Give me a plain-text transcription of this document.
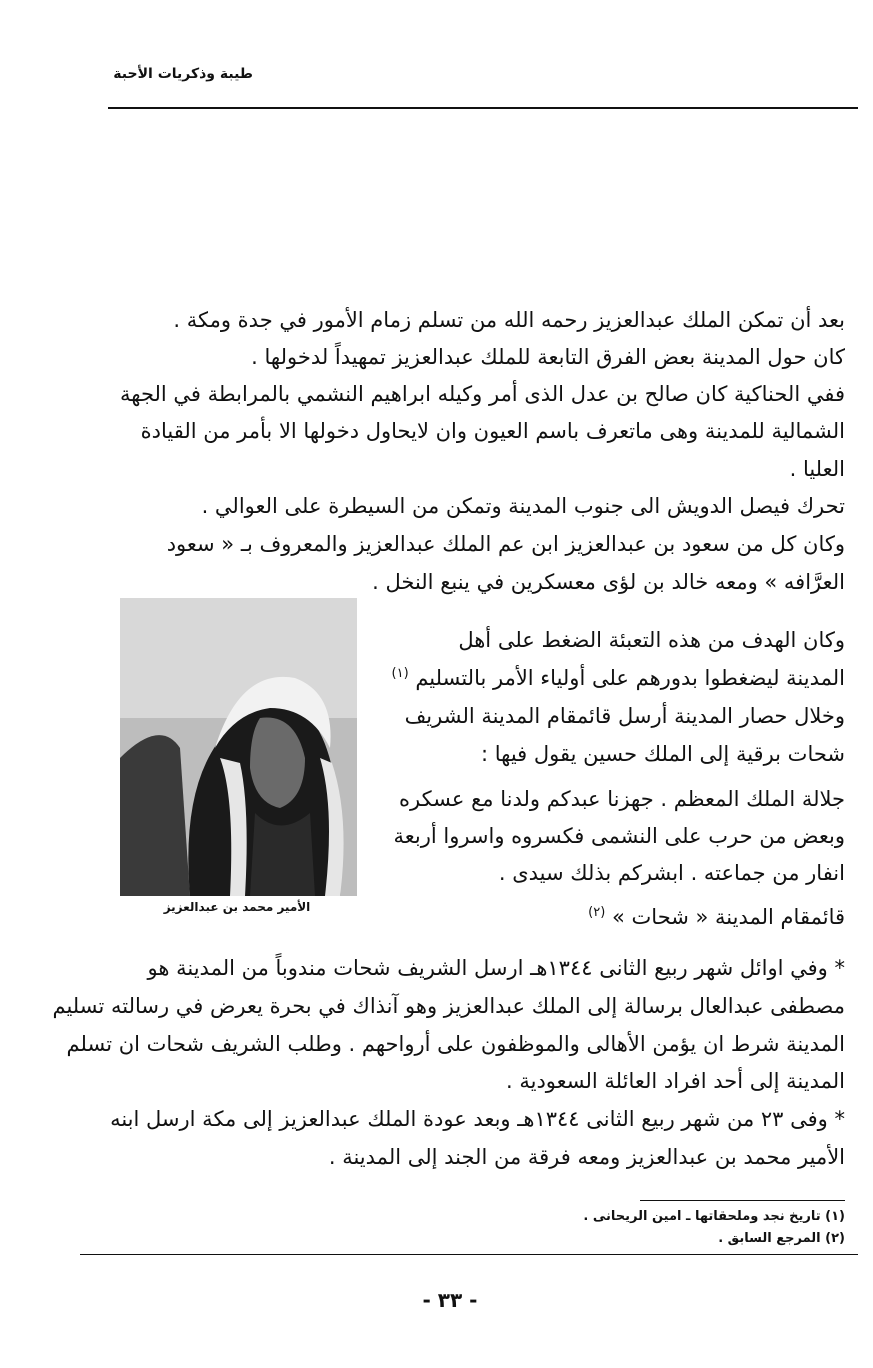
طيبة وذكريات الأحبة
بعد أن تمكن الملك عبدالعزيز رحمه الله من تسلم زمام الأمور في جدة ومكة .
كان حول المدينة بعض الفرق التابعة للملك عبدالعزيز تمهيداً لدخولها .
ففي الحناكية كان صالح بن عدل الذى أمر وكيله ابراهيم النشمي بالمرابطة في الجهة
الشمالية للمدينة وهى ماتعرف باسم العيون وان لايحاول دخولها الا بأمر من القيادة
العليا .
تحرك فيصل الدويش الى جنوب المدينة وتمكن من السيطرة على العوالي .
وكان كل من سعود بن عبدالعزيز ابن عم الملك عبدالعزيز والمعروف بـ « سعود
العرَّافه » ومعه خالد بن لؤى معسكرين في ينبع النخل .
الأمير محمد بن عبدالعزيز
وكان الهدف من هذه التعبئة الضغط على أهل
المدينة ليضغطوا بدورهم على أولياء الأمر بالتسليم $^{(١)}$
وخلال حصار المدينة أرسل قائمقام المدينة الشريف
شحات برقية إلى الملك حسين يقول فيها :
جلالة الملك المعظم . جهزنا عبدكم ولدنا مع عسكره
وبعض من حرب على النشمى فكسروه واسروا أربعة
انفار من جماعته . ابشركم بذلك سيدى .
قائمقام المدينة « شحات » $^{(٢)}$
* وفي اوائل شهر ربيع الثانى ١٣٤٤هـ ارسل الشريف شحات مندوباً من المدينة هو
مصطفى عبدالعال برسالة إلى الملك عبدالعزيز وهو آنذاك في بحرة يعرض في رسالته تسليم
المدينة شرط ان يؤمن الأهالى والموظفون على أرواحهم . وطلب الشريف شحات ان تسلم
المدينة إلى أحد افراد العائلة السعودية .
* وفى ٢٣ من شهر ربيع الثانى ١٣٤٤هـ وبعد عودة الملك عبدالعزيز إلى مكة ارسل ابنه
الأمير محمد بن عبدالعزيز ومعه فرقة من الجند إلى المدينة .
(١) تاريخ نجد وملحقاتها ـ امين الريحانى .
(٢) المرجع السابق .
- ٣٣ -
